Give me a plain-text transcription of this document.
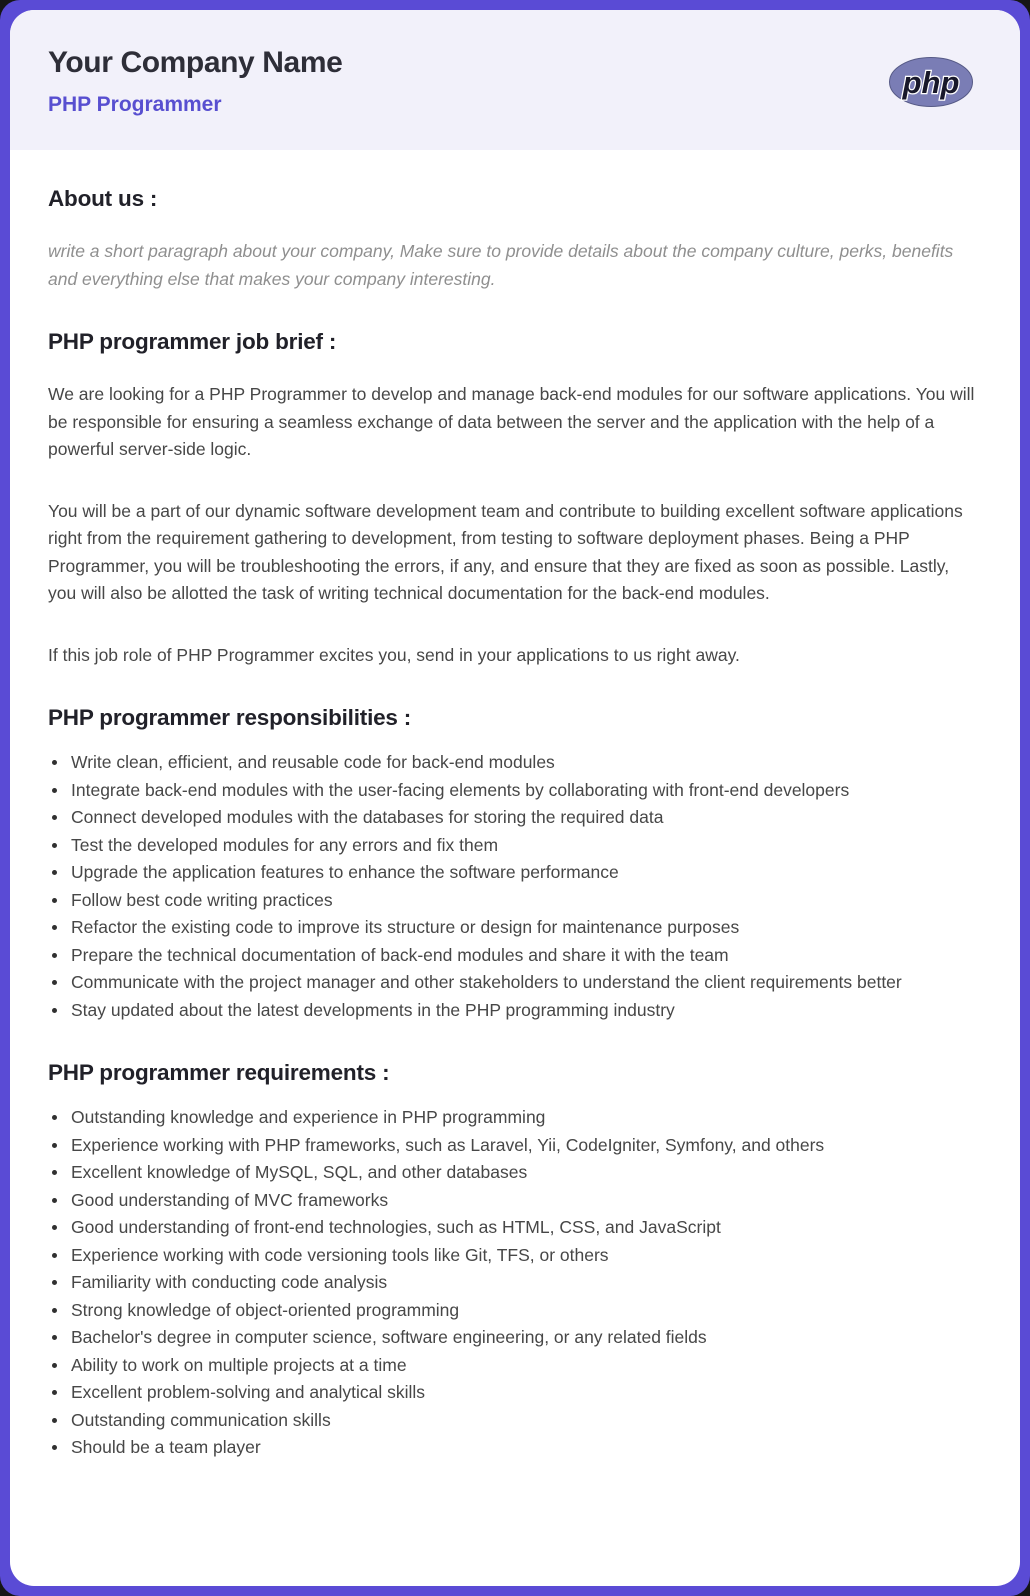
Your Company Name
PHP Programmer
php
About us :

write a short paragraph about your company, Make sure to provide details about the company culture, perks, benefits and everything else that makes your company interesting.

PHP programmer job brief :

We are looking for a PHP Programmer to develop and manage back-end modules for our software applications. You will be responsible for ensuring a seamless exchange of data between the server and the application with the help of a powerful server-side logic.

You will be a part of our dynamic software development team and contribute to building excellent software applications right from the requirement gathering to development, from testing to software deployment phases. Being a PHP Programmer, you will be troubleshooting the errors, if any, and ensure that they are fixed as soon as possible. Lastly, you will also be allotted the task of writing technical documentation for the back-end modules.

If this job role of PHP Programmer excites you, send in your applications to us right away.

PHP programmer responsibilities :
Write clean, efficient, and reusable code for back-end modules
Integrate back-end modules with the user-facing elements by collaborating with front-end developers
Connect developed modules with the databases for storing the required data
Test the developed modules for any errors and fix them
Upgrade the application features to enhance the software performance
Follow best code writing practices
Refactor the existing code to improve its structure or design for maintenance purposes
Prepare the technical documentation of back-end modules and share it with the team
Communicate with the project manager and other stakeholders to understand the client requirements better
Stay updated about the latest developments in the PHP programming industry
PHP programmer requirements :
Outstanding knowledge and experience in PHP programming
Experience working with PHP frameworks, such as Laravel, Yii, CodeIgniter, Symfony, and others
Excellent knowledge of MySQL, SQL, and other databases
Good understanding of MVC frameworks
Good understanding of front-end technologies, such as HTML, CSS, and JavaScript
Experience working with code versioning tools like Git, TFS, or others
Familiarity with conducting code analysis
Strong knowledge of object-oriented programming
Bachelor's degree in computer science, software engineering, or any related fields
Ability to work on multiple projects at a time
Excellent problem-solving and analytical skills
Outstanding communication skills
Should be a team player
